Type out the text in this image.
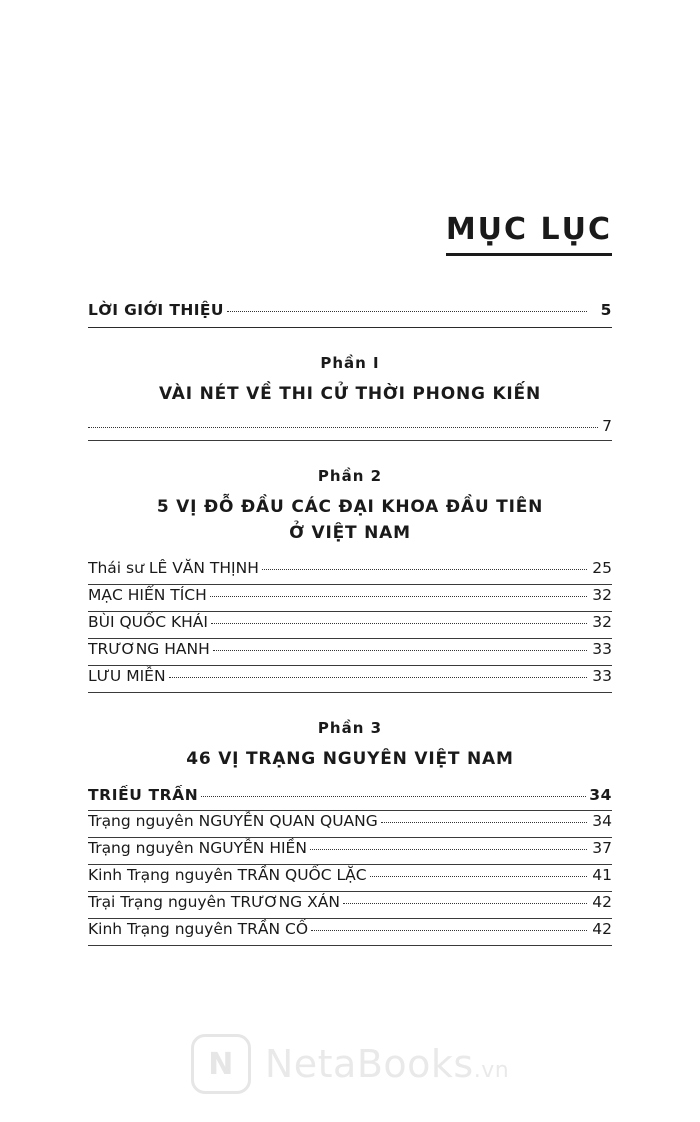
MỤC LỤC
LỜI GIỚI THIỆU	5
Phần I
VÀI NÉT VỀ THI CỬ THỜI PHONG KIẾN
7
Phần 2
5 VỊ ĐỖ ĐẦU CÁC ĐẠI KHOA ĐẦU TIÊN
Ở VIỆT NAM
Thái sư LÊ VĂN THỊNH	25
MẠC HIỂN TÍCH	32
BÙI QUỐC KHÁI	32
TRƯƠNG HANH	33
LƯU MIỄN	33
Phần 3
46 VỊ TRẠNG NGUYÊN VIỆT NAM
TRIỀU TRẦN	34
Trạng nguyên NGUYỄN QUAN QUANG	34
Trạng nguyên NGUYỄN HIỀN	37
Kinh Trạng nguyên TRẦN QUỐC LẶC	41
Trại Trạng nguyên TRƯƠNG XÁN	42
Kinh Trạng nguyên TRẦN CỐ	42
N NetaBooks.vn
